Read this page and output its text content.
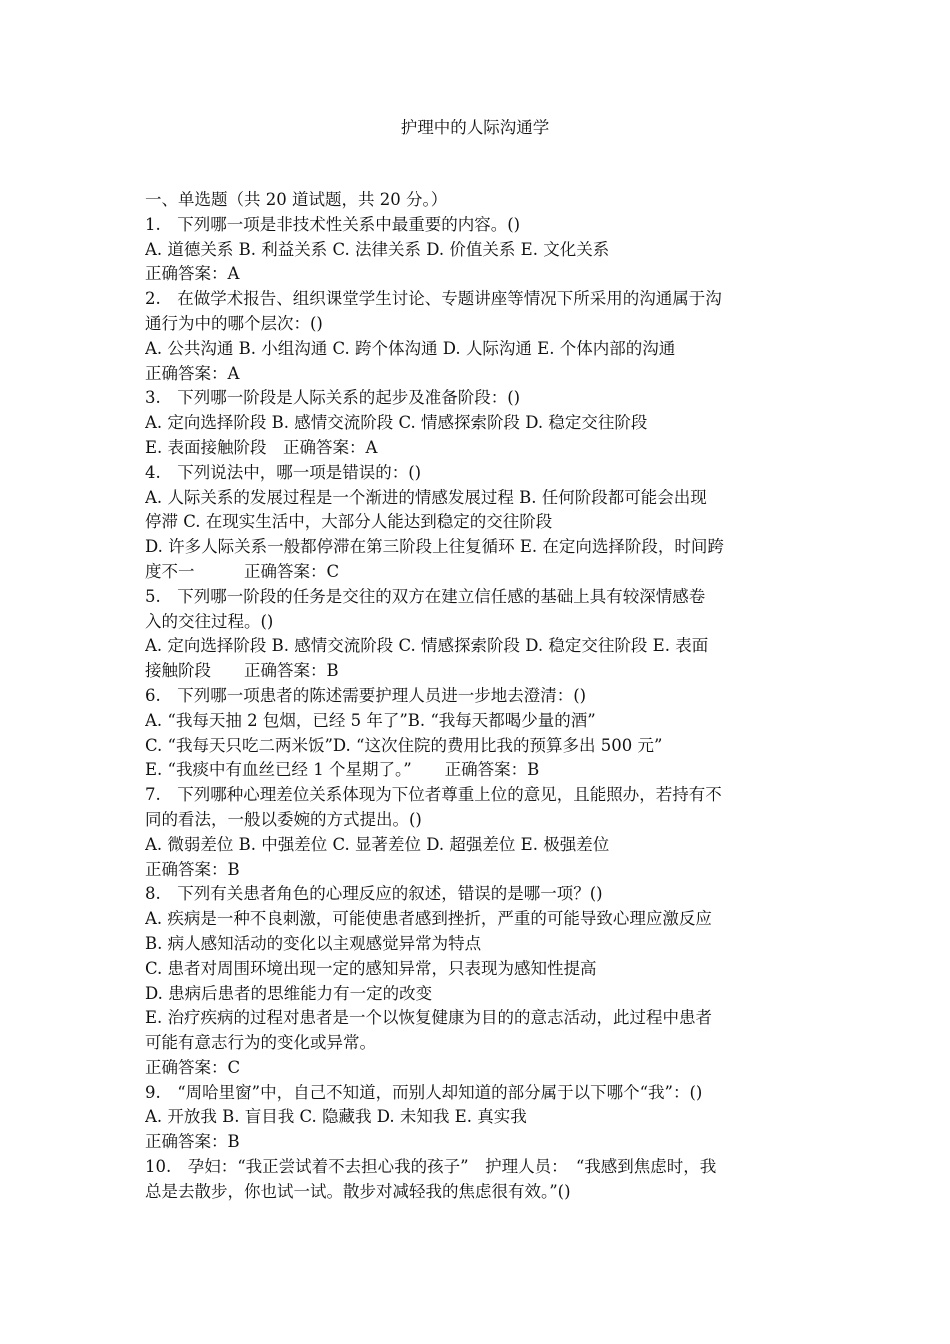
护理中的人际沟通学
一、单选题（共 20 道试题，共 20 分。）
1.　下列哪一项是非技术性关系中最重要的内容。()
A. 道德关系 B. 利益关系 C. 法律关系 D. 价值关系 E. 文化关系
正确答案：A
2.　在做学术报告、组织课堂学生讨论、专题讲座等情况下所采用的沟通属于沟
通行为中的哪个层次：()
A. 公共沟通 B. 小组沟通 C. 跨个体沟通 D. 人际沟通 E. 个体内部的沟通
正确答案：A
3.　下列哪一阶段是人际关系的起步及准备阶段：()
A. 定向选择阶段 B. 感情交流阶段 C. 情感探索阶段 D. 稳定交往阶段
E. 表面接触阶段　正确答案：A
4.　下列说法中，哪一项是错误的：()
A. 人际关系的发展过程是一个渐进的情感发展过程 B. 任何阶段都可能会出现
停滞 C. 在现实生活中，大部分人能达到稳定的交往阶段
D. 许多人际关系一般都停滞在第三阶段上往复循环 E. 在定向选择阶段，时间跨
度不一　　　正确答案：C
5.　下列哪一阶段的任务是交往的双方在建立信任感的基础上具有较深情感卷
入的交往过程。()
A. 定向选择阶段 B. 感情交流阶段 C. 情感探索阶段 D. 稳定交往阶段 E. 表面
接触阶段　　正确答案：B
6.　下列哪一项患者的陈述需要护理人员进一步地去澄清：()
A. “我每天抽 2 包烟，已经 5 年了”B. “我每天都喝少量的酒”
C. “我每天只吃二两米饭”D. “这次住院的费用比我的预算多出 500 元”
E. “我痰中有血丝已经 1 个星期了。”　　正确答案：B
7.　下列哪种心理差位关系体现为下位者尊重上位的意见，且能照办，若持有不
同的看法，一般以委婉的方式提出。()
A. 微弱差位 B. 中强差位 C. 显著差位 D. 超强差位 E. 极强差位
正确答案：B
8.　下列有关患者角色的心理反应的叙述，错误的是哪一项？()
A. 疾病是一种不良刺激，可能使患者感到挫折，严重的可能导致心理应激反应
B. 病人感知活动的变化以主观感觉异常为特点
C. 患者对周围环境出现一定的感知异常，只表现为感知性提高
D. 患病后患者的思维能力有一定的改变
E. 治疗疾病的过程对患者是一个以恢复健康为目的的意志活动，此过程中患者
可能有意志行为的变化或异常。
正确答案：C
9.　“周哈里窗”中，自己不知道，而别人却知道的部分属于以下哪个“我”：()
A. 开放我 B. 盲目我 C. 隐藏我 D. 未知我 E. 真实我
正确答案：B
10.　孕妇：“我正尝试着不去担心我的孩子”　护理人员：　“我感到焦虑时，我
总是去散步，你也试一试。散步对减轻我的焦虑很有效。”()
